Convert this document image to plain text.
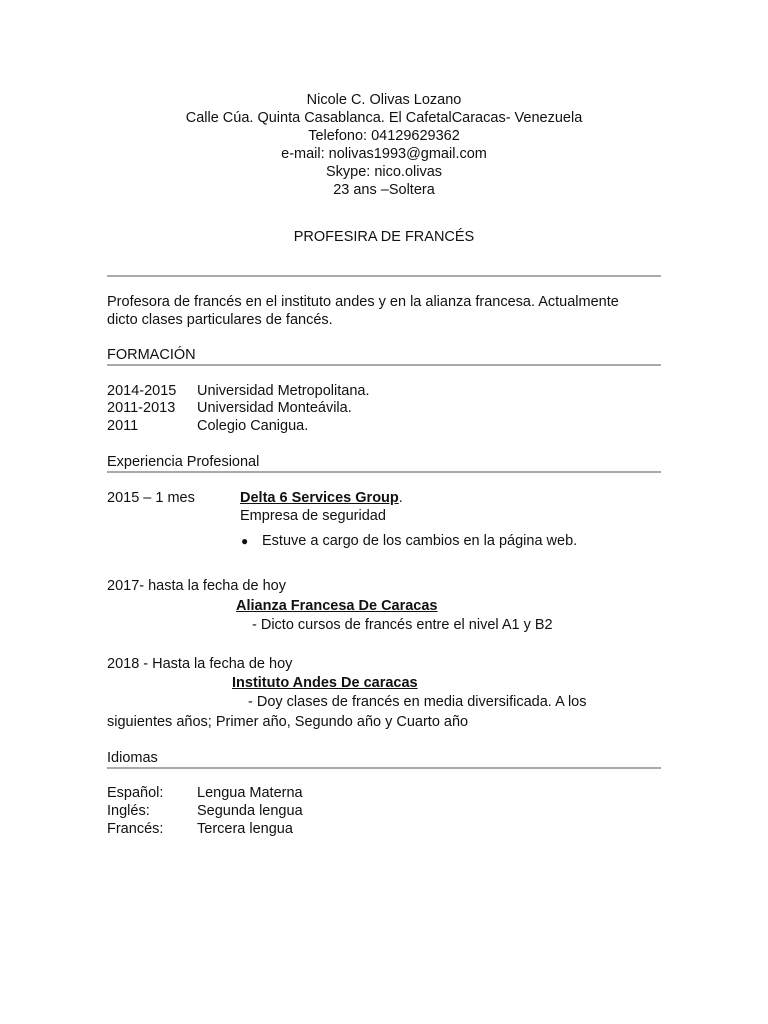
Nicole C. Olivas Lozano
Calle Cúa. Quinta Casablanca. El CafetalCaracas- Venezuela
Telefono: 04129629362
e-mail: nolivas1993@gmail.com
Skype: nico.olivas
23 ans –Soltera
PROFESIRA DE FRANCÉS
Profesora de francés en el instituto andes y en la alianza francesa. Actualmente
dicto clases particulares de fancés.
FORMACIÓN
2014-2015 Universidad Metropolitana.
2011-2013 Universidad Monteávila.
2011	Colegio Canigua.
Experiencia Profesional
2015 – 1 mes	Delta 6 Services Group.
Empresa de seguridad
● Estuve a cargo de los cambios en la página web.
2017- hasta la fecha de hoy
Alianza Francesa De Caracas
- Dicto cursos de francés entre el nivel A1 y B2
2018 - Hasta la fecha de hoy
Instituto Andes De caracas
- Doy clases de francés en media diversificada. A los
siguientes años; Primer año, Segundo año y Cuarto año
Idiomas
Español: Lengua Materna
Inglés:	Segunda lengua
Francés: Tercera lengua
